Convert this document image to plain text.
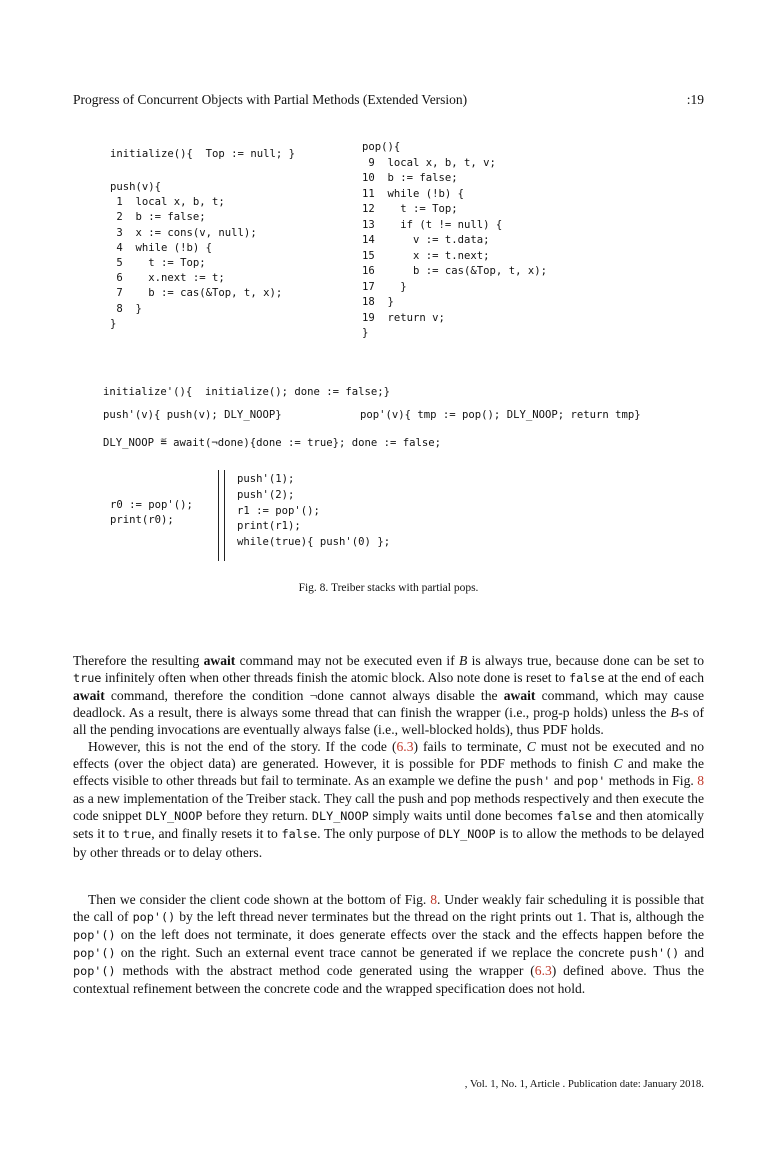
Progress of Concurrent Objects with Partial Methods (Extended Version)	:19
initialize(){  Top := null; }
push(v){
1  local x, b, t;
2  b := false;
3  x := cons(v, null);
4  while (!b) {
5    t := Top;
6    x.next := t;
7    b := cas(&Top, t, x);
8  }
}
pop(){
9  local x, b, t, v;
10  b := false;
11  while (!b) {
12    t := Top;
13    if (t != null) {
14      v := t.data;
15      x := t.next;
16      b := cas(&Top, t, x);
17    }
18  }
19  return v;
}
initialize'(){  initialize(); done := false;}
push'(v){ push(v); DLY_NOOP}	pop'(v){ tmp := pop(); DLY_NOOP; return tmp}
DLY_NOOP ≝ await(¬done){done := true}; done := false;
r0 := pop'();
print(r0);
push'(1);
push'(2);
r1 := pop'();
print(r1);
while(true){ push'(0) };
Fig. 8. Treiber stacks with partial pops.

Therefore the resulting await command may not be executed even if B is always true, because done can be set to true infinitely often when other threads finish the atomic block. Also note done is reset to false at the end of each await command, therefore the condition ¬done cannot always disable the await command, which may cause deadlock. As a result, there is always some thread that can finish the wrapper (i.e., prog-p holds) unless the B-s of all the pending invocations are eventually always false (i.e., well-blocked holds), thus PDF holds.

However, this is not the end of the story. If the code (6.3) fails to terminate, C must not be executed and no effects (over the object data) are generated. However, it is possible for PDF methods to finish C and make the effects visible to other threads but fail to terminate. As an example we define the push' and pop' methods in Fig. 8 as a new implementation of the Treiber stack. They call the push and pop methods respectively and then execute the code snippet DLY_NOOP before they return. DLY_NOOP simply waits until done becomes false and then atomically sets it to true, and finally resets it to false. The only purpose of DLY_NOOP is to allow the methods to be delayed by other threads or to delay others.

Then we consider the client code shown at the bottom of Fig. 8. Under weakly fair scheduling it is possible that the call of pop'() by the left thread never terminates but the thread on the right prints out 1. That is, although the pop'() on the left does not terminate, it does generate effects over the stack and the effects happen before the pop'() on the right. Such an external event trace cannot be generated if we replace the concrete push'() and pop'() methods with the abstract method code generated using the wrapper (6.3) defined above. Thus the contextual refinement between the concrete code and the wrapped specification does not hold.

, Vol. 1, No. 1, Article . Publication date: January 2018.
